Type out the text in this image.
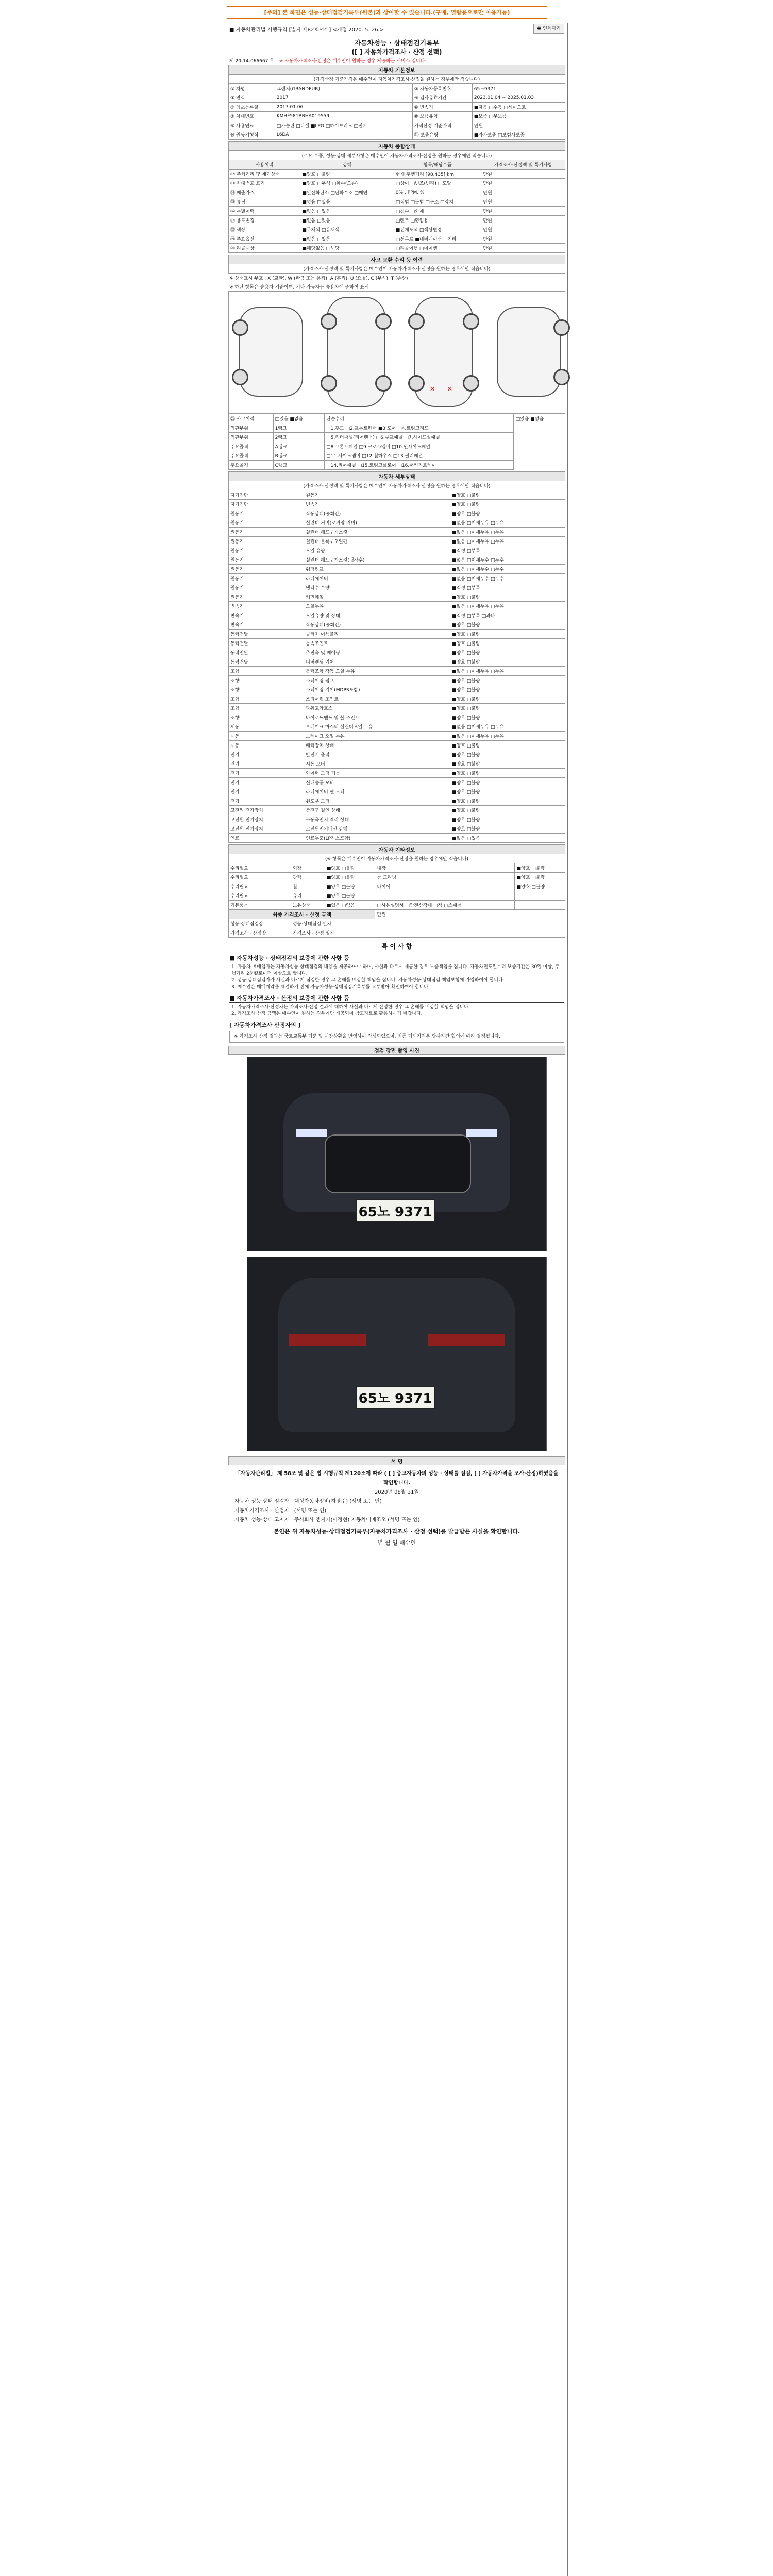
[주의] 본 화면은 성능·상태점검기록부(원본)과 상이할 수 있습니다.(구매, 열람용으로만 이용가능)
■ 자동차관리법 시행규칙 [별지 제82호서식] <개정 2020. 5. 26.>	🖶 인쇄하기
자동차성능 · 상태점검기록부
([ ] 자동차가격조사 · 산정 선택)
제 20-14-066667 호 ※ 자동차가격조사·산정은 매수인이 원하는 경우 제공하는 서비스 입니다.
자동차 기본정보			
(가격산정 기준가격은 매수인이 자동차가격조사·산정을 원하는 경우에만 적습니다)			
① 차명	그랜저(GRANDEUR)	② 자동차등록번호	65노9371
③ 연식	2017	④ 검사유효기간	2023.01.04 ~ 2025.01.03
⑤ 최초등록일	2017.01.06	⑥ 변속기	■자동 □수동 □세미오토
⑦ 차대번호	KMHF581BBHA019559	⑧ 보증유형	■보증 □무보증
⑨ 사용연료	□가솔린 □디젤 ■LPG □하이브리드 □전기	가격산정 기준가격	만원
⑩ 원동기형식	L6DA	⑪ 보증유형	■자가보증 □보험사보증
자동차 종합상태			
(주요 부품, 성능·상태 세부사항은 매수인이 자동차가격조사·산정을 원하는 경우에만 적습니다)			
사용이력	상태	항목/해당부품	가격조사·산정액 및 특기사항
⑫ 주행거리 및 계기상태	■양호 □불량	현재 주행거리 [98,435] km	만원
⑬ 차대번호 표기	■양호 □부식 □훼손(오손)	□상이 □변조(변타) □도말	만원
⑭ 배출가스	■일산화탄소 □탄화수소 □매연	0% , PPM, %	만원
⑮ 튜닝	■없음 □있음	□적법 □불법 □구조 □장치	만원
⑯ 특별이력	■없음 □있음	□침수 □화재	만원
⑰ 용도변경	■없음 □있음	□렌트 □영업용	만원
⑱ 색상	■무채색 □유채색	■전체도색 □색상변경	만원
⑲ 주요옵션	■없음 □있음	□선루프 ■내비게이션 □기타	만원
⑳ 리콜대상	■해당없음 □해당	□리콜이행 □미이행	만원
사고 교환 수리 등 이력
(가격조사·산정액 및 특기사항은 매수인이 자동차가격조사·산정을 원하는 경우에만 적습니다)
※ 상태표시 부호 : X (교환), W (판금 또는 용접), A (흠집), U (요철), C (부식), T (손상)
※ 하단 항목은 승용차 기준이며, 기타 자동차는 승용차에 준하여 표시
✕ ✕
㉑ 사고이력	□있음 ■없음	단순수리	□있음 ■없음
외판부위	1랭크	□1.후드 □2.프론트휀더 ■3.도어 □4.트렁크리드	
외판부위	2랭크	□5.쿼터패널(리어휀더) □6.루프패널 □7.사이드실패널	
주요골격	A랭크	□8.프론트패널 □9.크로스멤버 □10.인사이드패널	
주요골격	B랭크	□11.사이드멤버 □12.휠하우스 □13.필러패널	
주요골격	C랭크	□14.리어패널 □15.트렁크플로어 □16.패키지트레이	
자동차 세부상태		
(가격조사·산정액 및 특기사항은 매수인이 자동차가격조사·산정을 원하는 경우에만 적습니다)		
자기진단	원동기	■양호 □불량
자기진단	변속기	■양호 □불량
원동기	작동상태(공회전)	■양호 □불량
원동기	실린더 커버(로커암 커버)	■없음 □미세누유 □누유
원동기	실린더 헤드 / 개스킷	■없음 □미세누유 □누유
원동기	실린더 블록 / 오일팬	■없음 □미세누유 □누유
원동기	오일 유량	■적정 □부족
원동기	실린더 헤드 / 개스킷(냉각수)	■없음 □미세누수 □누수
원동기	워터펌프	■없음 □미세누수 □누수
원동기	라디에이터	■없음 □미세누수 □누수
원동기	냉각수 수량	■적정 □부족
원동기	커먼레일	■양호 □불량
변속기	오일누유	■없음 □미세누유 □누유
변속기	오일유량 및 상태	■적정 □부족 □과다
변속기	작동상태(공회전)	■양호 □불량
동력전달	클러치 어셈블리	■양호 □불량
동력전달	등속조인트	■양호 □불량
동력전달	추진축 및 베어링	■양호 □불량
동력전달	디퍼렌셜 기어	■양호 □불량
조향	동력조향 작동 오일 누유	■없음 □미세누유 □누유
조향	스티어링 펌프	■양호 □불량
조향	스티어링 기어(MDPS포함)	■양호 □불량
조향	스티어링 조인트	■양호 □불량
조향	파워고압호스	■양호 □불량
조향	타이로드엔드 및 볼 조인트	■양호 □불량
제동	브레이크 마스터 실린더오일 누유	■없음 □미세누유 □누유
제동	브레이크 오일 누유	■없음 □미세누유 □누유
제동	배력장치 상태	■양호 □불량
전기	발전기 출력	■양호 □불량
전기	시동 모터	■양호 □불량
전기	와이퍼 모터 기능	■양호 □불량
전기	실내송풍 모터	■양호 □불량
전기	라디에이터 팬 모터	■양호 □불량
전기	윈도우 모터	■양호 □불량
고전원 전기장치	충전구 절연 상태	■양호 □불량
고전원 전기장치	구동축전지 격리 상태	■양호 □불량
고전원 전기장치	고전원전기배선 상태	■양호 □불량
연료	연료누출(LP가스포함)	■없음 □있음
자동차 기타정보				
(※ 항목은 매수인이 자동차가격조사·산정을 원하는 경우에만 적습니다)				
수리필요	외장	■양호 □불량	내장	■양호 □불량
수리필요	광택	■양호 □불량	룸 크리닝	■양호 □불량
수리필요	휠	■양호 □불량	타이어	■양호 □불량
수리필요	유리	■양호 □불량		
기본품목	보유상태	■있음 □없음	□사용설명서 □안전삼각대 □잭 □스패너	
최종 가격조사 · 산정 금액			만원	
성능·상태점검장	성능·상태점검 일자			
가격조사 · 산정장	가격조사 · 산정 일자			
특 이 사 항
■ 자동차성능 · 상태점검의 보증에 관한 사항 등
1. 자동차 매매업자는 자동차성능·상태점검의 내용을 제공하여야 하며, 사실과 다르게 제공한 경우 보증책임을 집니다. 자동차인도일부터 보증기간은 30일 이상, 주행거리 2천킬로미터 이상으로 합니다.
2. 성능·상태점검자가 사실과 다르게 점검한 경우 그 손해를 배상할 책임을 집니다. 자동차성능·상태점검 책임보험에 가입하여야 합니다.
3. 매수인은 매매계약을 체결하기 전에 자동차성능·상태점검기록부를 교부받아 확인하여야 합니다.
■ 자동차가격조사 · 산정의 보증에 관한 사항 등
1. 자동차가격조사·산정자는 가격조사·산정 결과에 대하여 사실과 다르게 산정한 경우 그 손해를 배상할 책임을 집니다.
2. 가격조사·산정 금액은 매수인이 원하는 경우에만 제공되며 참고자료로 활용하시기 바랍니다.
[ 자동차가격조사 산정자의 ]
※ 가격조사·산정 결과는 국토교통부 기준 및 시장상황을 반영하여 작성되었으며, 최종 거래가격은 당사자간 협의에 따라 결정됩니다.
점검 장면 촬영 사진
65노 9371
65노 9371
서 명
「자동차관리법」 제 58조 및 같은 법 시행규칙 제120조에 따라 ( [ ] 중고자동차의 성능 · 상태를 점검, [ ] 자동차가격을 조사·산정)하였음을 확인합니다.
2020년 08월 31일
자동차 성능·상태 점검자 대성자동차정비(하병주) (서명 또는 인)
자동차가격조사 · 산정자 (서명 또는 인)
자동차 성능·상태 고지자 주식회사 엠지카(이정현) 자동차매매조오 (서명 또는 인)
본인은 위 자동차성능·상태점검기록부(자동차가격조사 · 산정 선택)를 발급받은 사실을 확인합니다.
년 월 일 매수인
